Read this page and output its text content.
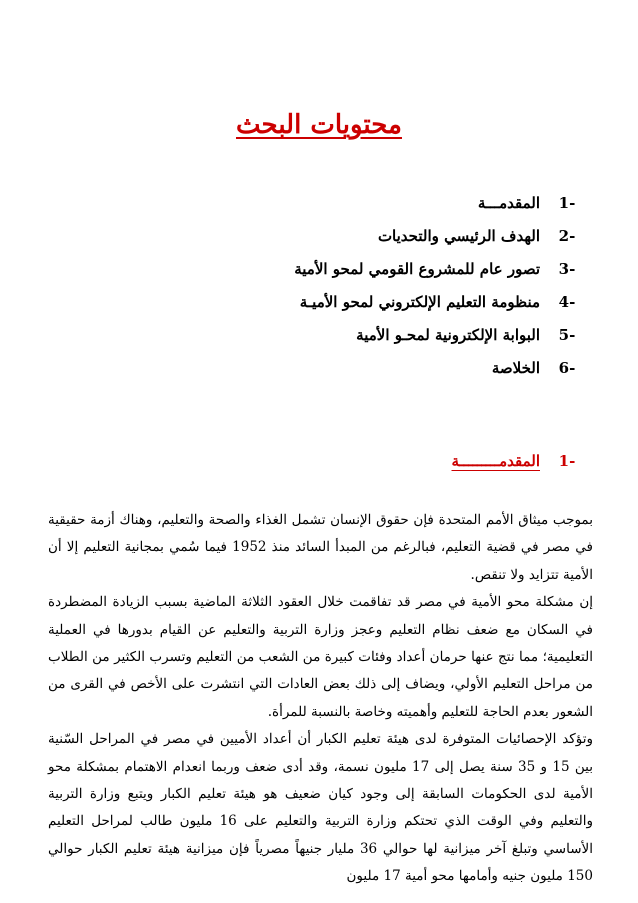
محتويات البحث
-1
المقدمـــة
-2
الهدف الرئيسي والتحديات
-3
تصور عام للمشروع القومي لمحو الأمية
-4
منظومة التعليم الإلكتروني لمحو الأميـة
-5
البوابة الإلكترونية لمحـو الأمية
-6
الخلاصة
-1
المقدمـــــــــة

بموجب ميثاق الأمم المتحدة فإن حقوق الإنسان تشمل الغذاء والصحة والتعليم، وهناك أزمة حقيقية في مصر في قضية التعليم، فبالرغم من المبدأ السائد منذ 1952 فيما سُمي بمجانية التعليم إلا أن الأمية تتزايد ولا تنقص.

إن مشكلة محو الأمية في مصر قد تفاقمت خلال العقود الثلاثة الماضية بسبب الزيادة المضطردة في السكان مع ضعف نظام التعليم وعجز وزارة التربية والتعليم عن القيام بدورها في العملية التعليمية؛ مما نتج عنها حرمان أعداد وفئات كبيرة من الشعب من التعليم وتسرب الكثير من الطلاب من مراحل التعليم الأولي، ويضاف إلى ذلك بعض العادات التي انتشرت على الأخص في القرى من الشعور بعدم الحاجة للتعليم وأهميته وخاصة بالنسبة للمرأة.

وتؤكد الإحصائيات المتوفرة لدى هيئة تعليم الكبار أن أعداد الأميين في مصر في المراحل السّنية بين 15 و 35 سنة يصل إلى 17 مليون نسمة، وقد أدى ضعف وربما انعدام الاهتمام بمشكلة محو الأمية لدى الحكومات السابقة إلى وجود كيان ضعيف هو هيئة تعليم الكبار ويتبع وزارة التربية والتعليم وفي الوقت الذي تحتكم وزارة التربية والتعليم على 16 مليون طالب لمراحل التعليم الأساسي وتبلغ آخر ميزانية لها حوالي 36 مليار جنيهاً مصرياً فإن ميزانية هيئة تعليم الكبار حوالي 150 مليون جنيه وأمامها محو أمية 17 مليون
